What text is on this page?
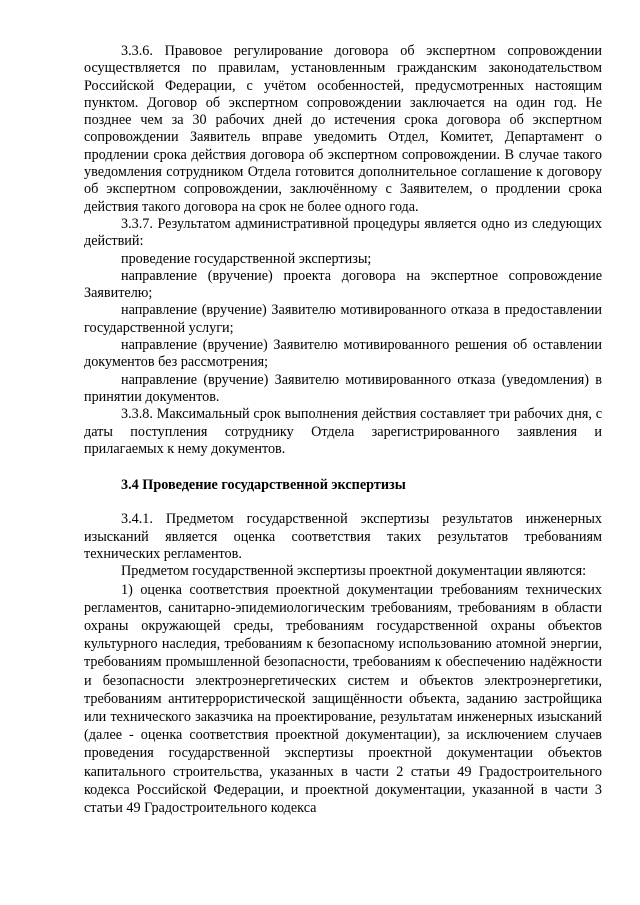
3.3.6. Правовое регулирование договора об экспертном сопровождении осуществляется по правилам, установленным гражданским законодательством Российской Федерации, с учётом особенностей, предусмотренных настоящим пунктом. Договор об экспертном сопровождении заключается на один год. Не позднее чем за 30 рабочих дней до истечения срока договора об экспертном сопровождении Заявитель вправе уведомить Отдел, Комитет, Департамент о продлении срока действия договора об экспертном сопровождении. В случае такого уведомления сотрудником Отдела готовится дополнительное соглашение к договору об экспертном сопровождении, заключённому с Заявителем, о продлении срока действия такого договора на срок не более одного года.

3.3.7. Результатом административной процедуры является одно из следующих действий:

проведение государственной экспертизы;

направление (вручение) проекта договора на экспертное сопровождение Заявителю;

направление (вручение) Заявителю мотивированного отказа в предоставлении государственной услуги;

направление (вручение) Заявителю мотивированного решения об оставлении документов без рассмотрения;

направление (вручение) Заявителю мотивированного отказа (уведомления) в принятии документов.

3.3.8. Максимальный срок выполнения действия составляет три рабочих дня, с даты поступления сотруднику Отдела зарегистрированного заявления и прилагаемых к нему документов.

3.4 Проведение государственной экспертизы

3.4.1. Предметом государственной экспертизы результатов инженерных изысканий является оценка соответствия таких результатов требованиям технических регламентов.

Предметом государственной экспертизы проектной документации являются:

1) оценка соответствия проектной документации требованиям технических регламентов, санитарно-эпидемиологическим требованиям, требованиям в области охраны окружающей среды, требованиям государственной охраны объектов культурного наследия, требованиям к безопасному использованию атомной энергии, требованиям промышленной безопасности, требованиям к обеспечению надёжности и безопасности электроэнергетических систем и объектов электроэнергетики, требованиям антитеррористической защищённости объекта, заданию застройщика или технического заказчика на проектирование, результатам инженерных изысканий (далее - оценка соответствия проектной документации), за исключением случаев проведения государственной экспертизы проектной документации объектов капитального строительства, указанных в части 2 статьи 49 Градостроительного кодекса Российской Федерации, и проектной документации, указанной в части 3 статьи 49 Градостроительного кодекса
